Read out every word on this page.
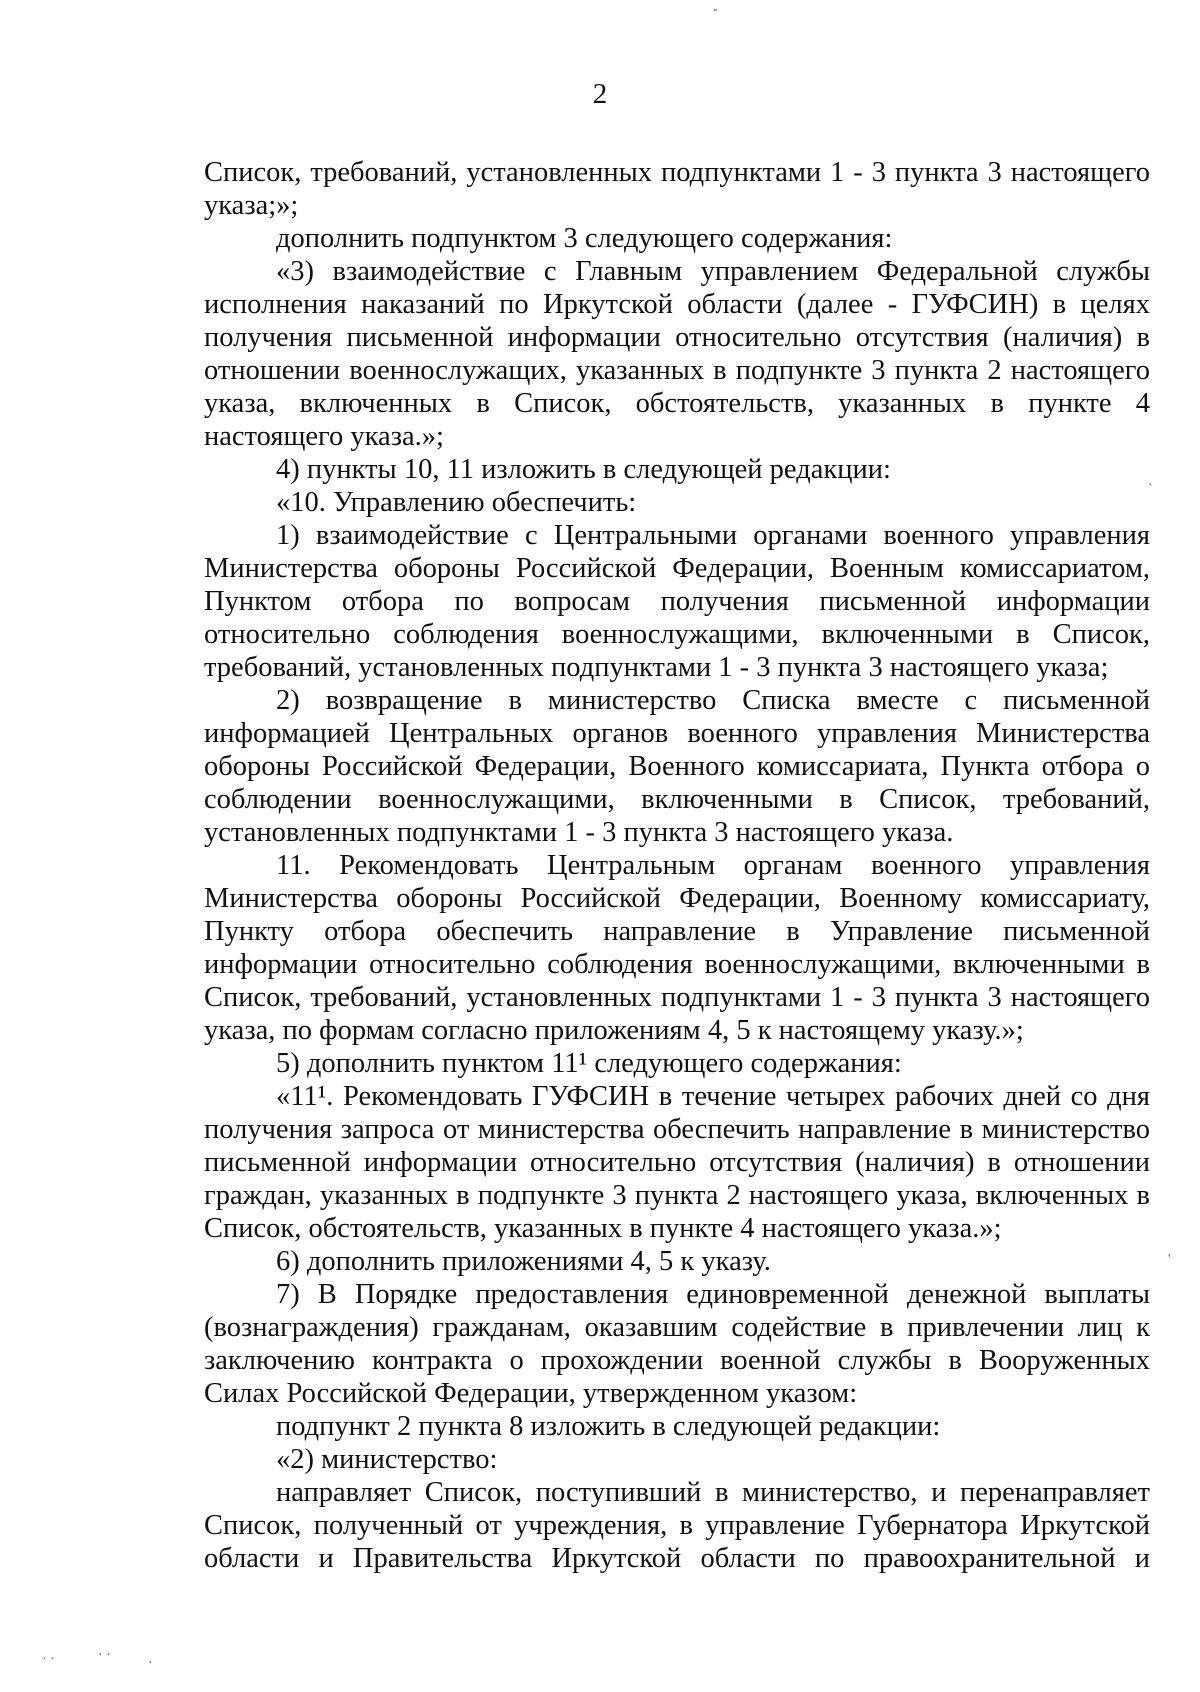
2

Список, требований, установленных подпунктами 1 - 3 пункта 3 настоящего указа;»;

дополнить подпунктом 3 следующего содержания:

«3) взаимодействие с Главным управлением Федеральной службы исполнения наказаний по Иркутской области (далее - ГУФСИН) в целях получения письменной информации относительно отсутствия (наличия) в отношении военнослужащих, указанных в подпункте 3 пункта 2 настоящего указа, включенных в Список, обстоятельств, указанных в пункте 4 настоящего указа.»;

4) пункты 10, 11 изложить в следующей редакции:

«10. Управлению обеспечить:

1) взаимодействие с Центральными органами военного управления Министерства обороны Российской Федерации, Военным комиссариатом, Пунктом отбора по вопросам получения письменной информации относительно соблюдения военнослужащими, включенными в Список, требований, установленных подпунктами 1 - 3 пункта 3 настоящего указа;

2) возвращение в министерство Списка вместе с письменной информацией Центральных органов военного управления Министерства обороны Российской Федерации, Военного комиссариата, Пункта отбора о соблюдении военнослужащими, включенными в Список, требований, установленных подпунктами 1 - 3 пункта 3 настоящего указа.

11. Рекомендовать Центральным органам военного управления Министерства обороны Российской Федерации, Военному комиссариату, Пункту отбора обеспечить направление в Управление письменной информации относительно соблюдения военнослужащими, включенными в Список, требований, установленных подпунктами 1 - 3 пункта 3 настоящего указа, по формам согласно приложениям 4, 5 к настоящему указу.»;

5) дополнить пунктом 11¹ следующего содержания:

«11¹. Рекомендовать ГУФСИН в течение четырех рабочих дней со дня получения запроса от министерства обеспечить направление в министерство письменной информации относительно отсутствия (наличия) в отношении граждан, указанных в подпункте 3 пункта 2 настоящего указа, включенных в Список, обстоятельств, указанных в пункте 4 настоящего указа.»;

6) дополнить приложениями 4, 5 к указу.

7) В Порядке предоставления единовременной денежной выплаты (вознаграждения) гражданам, оказавшим содействие в привлечении лиц к заключению контракта о прохождении военной службы в Вооруженных Силах Российской Федерации, утвержденном указом:

подпункт 2 пункта 8 изложить в следующей редакции:

«2) министерство:

направляет Список, поступивший в министерство, и перенаправляет Список, полученный от учреждения, в управление Губернатора Иркутской области и Правительства Иркутской области по правоохранительной и

-
`
'
· ·	· ·
·
